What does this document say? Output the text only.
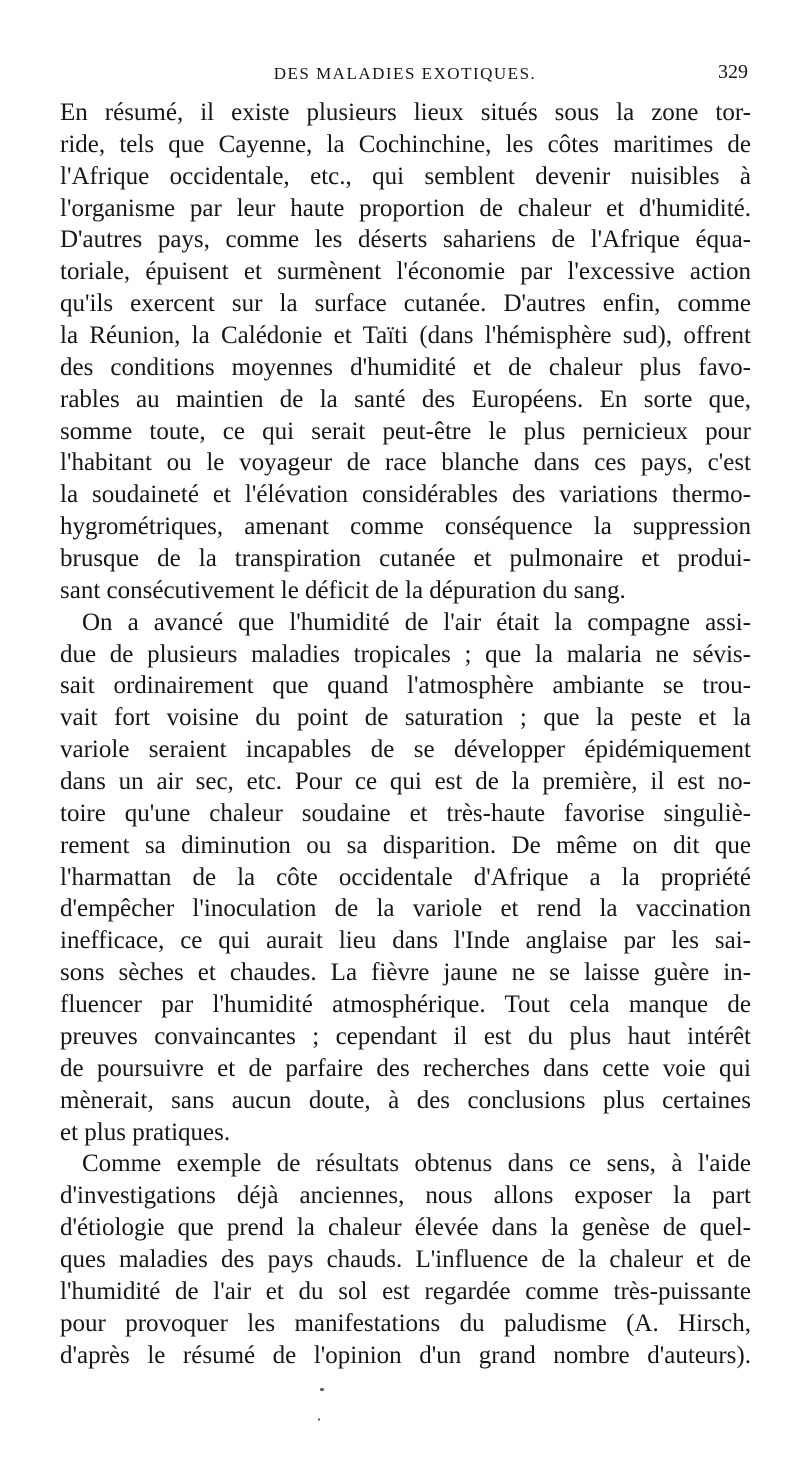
DES MALADIES EXOTIQUES.	329
En résumé, il existe plusieurs lieux situés sous la zone tor-
ride, tels que Cayenne, la Cochinchine, les côtes maritimes de
l'Afrique occidentale, etc., qui semblent devenir nuisibles à
l'organisme par leur haute proportion de chaleur et d'humidité.
D'autres pays, comme les déserts sahariens de l'Afrique équa-
toriale, épuisent et surmènent l'économie par l'excessive action
qu'ils exercent sur la surface cutanée. D'autres enfin, comme
la Réunion, la Calédonie et Taïti (dans l'hémisphère sud), offrent
des conditions moyennes d'humidité et de chaleur plus favo-
rables au maintien de la santé des Européens. En sorte que,
somme toute, ce qui serait peut-être le plus pernicieux pour
l'habitant ou le voyageur de race blanche dans ces pays, c'est
la soudaineté et l'élévation considérables des variations thermo-
hygrométriques, amenant comme conséquence la suppression
brusque de la transpiration cutanée et pulmonaire et produi-
sant consécutivement le déficit de la dépuration du sang.
On a avancé que l'humidité de l'air était la compagne assi-
due de plusieurs maladies tropicales ; que la malaria ne sévis-
sait ordinairement que quand l'atmosphère ambiante se trou-
vait fort voisine du point de saturation ; que la peste et la
variole seraient incapables de se développer épidémiquement
dans un air sec, etc. Pour ce qui est de la première, il est no-
toire qu'une chaleur soudaine et très-haute favorise singuliè-
rement sa diminution ou sa disparition. De même on dit que
l'harmattan de la côte occidentale d'Afrique a la propriété
d'empêcher l'inoculation de la variole et rend la vaccination
inefficace, ce qui aurait lieu dans l'Inde anglaise par les sai-
sons sèches et chaudes. La fièvre jaune ne se laisse guère in-
fluencer par l'humidité atmosphérique. Tout cela manque de
preuves convaincantes ; cependant il est du plus haut intérêt
de poursuivre et de parfaire des recherches dans cette voie qui
mènerait, sans aucun doute, à des conclusions plus certaines
et plus pratiques.
Comme exemple de résultats obtenus dans ce sens, à l'aide
d'investigations déjà anciennes, nous allons exposer la part
d'étiologie que prend la chaleur élevée dans la genèse de quel-
ques maladies des pays chauds. L'influence de la chaleur et de
l'humidité de l'air et du sol est regardée comme très-puissante
pour provoquer les manifestations du paludisme (A. Hirsch,
d'après le résumé de l'opinion d'un grand nombre d'auteurs).
